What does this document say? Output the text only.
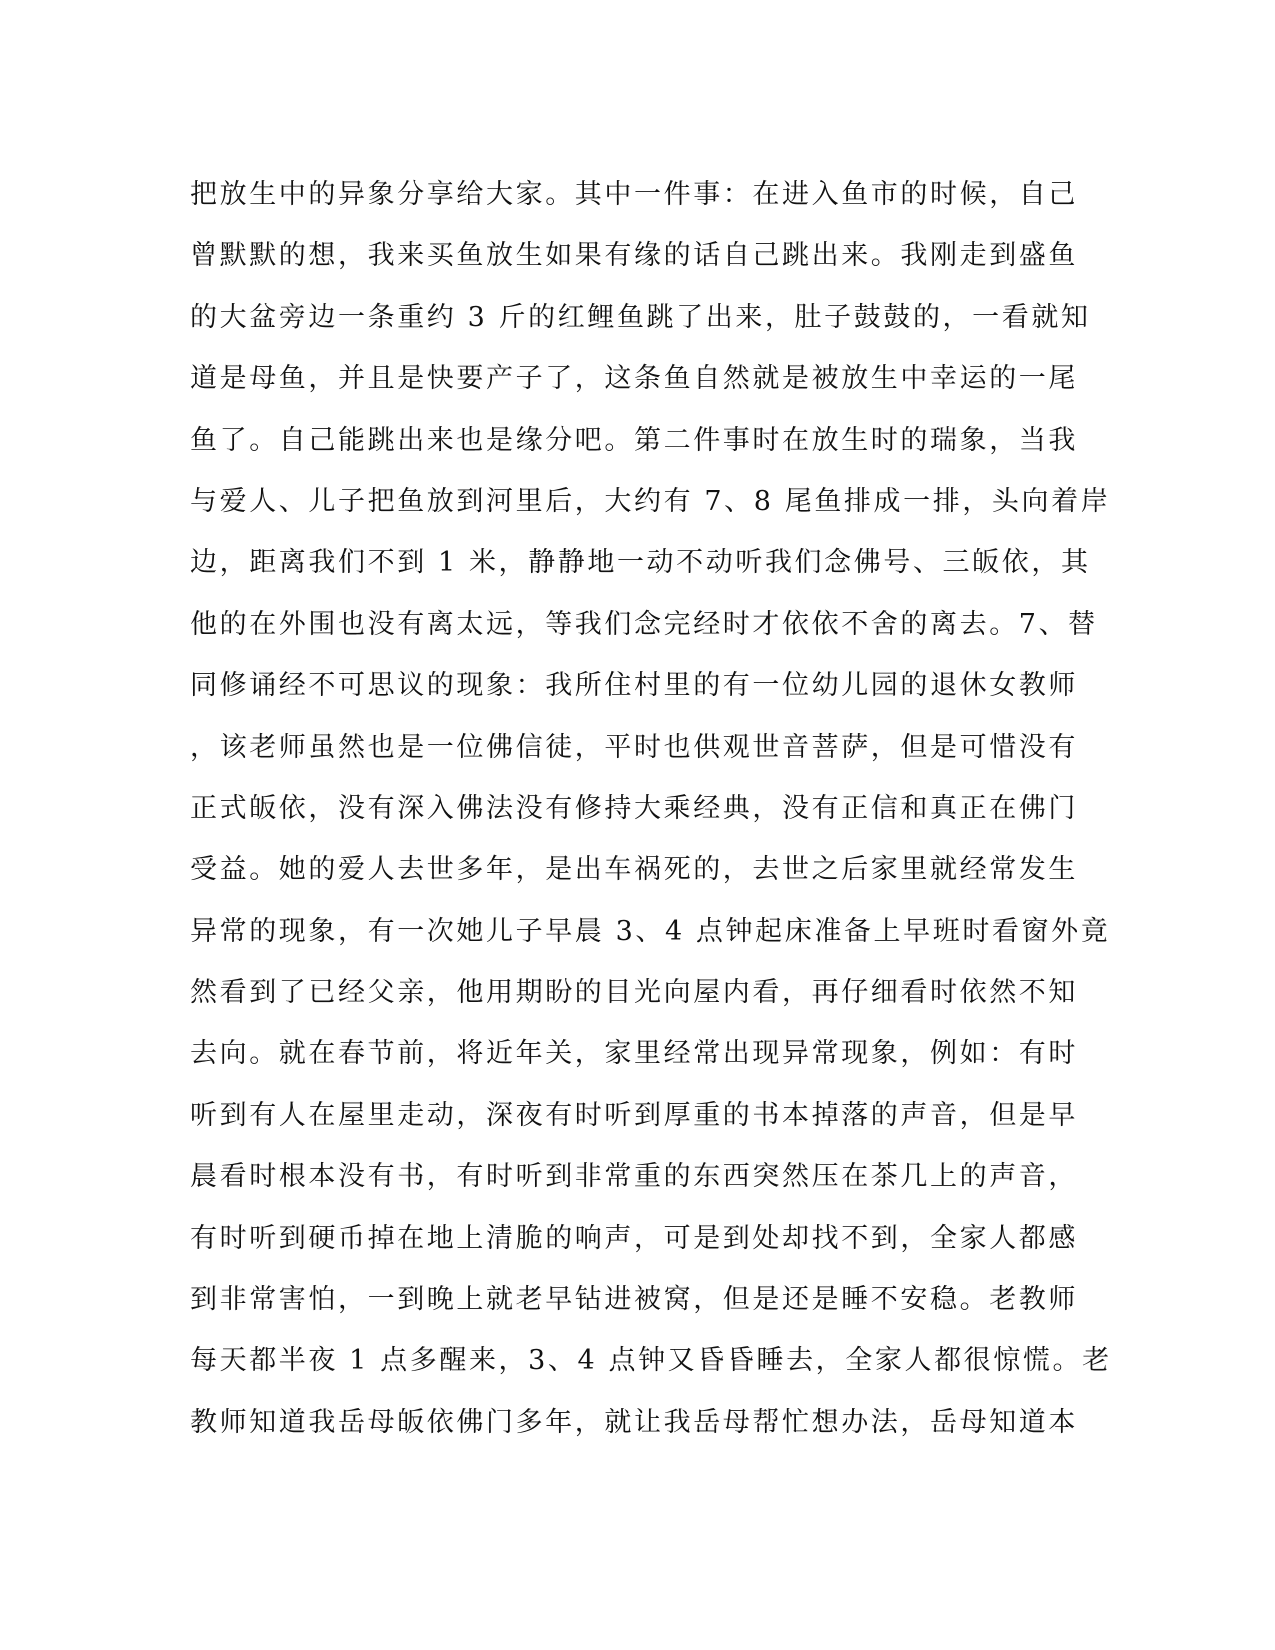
把放生中的异象分享给大家。其中一件事：在进入鱼市的时候，自己
曾默默的想，我来买鱼放生如果有缘的话自己跳出来。我刚走到盛鱼
的大盆旁边一条重约 3 斤的红鲤鱼跳了出来，肚子鼓鼓的，一看就知
道是母鱼，并且是快要产子了，这条鱼自然就是被放生中幸运的一尾
鱼了。自己能跳出来也是缘分吧。第二件事时在放生时的瑞象，当我
与爱人、儿子把鱼放到河里后，大约有 7、8 尾鱼排成一排，头向着岸
边，距离我们不到 1 米，静静地一动不动听我们念佛号、三皈依，其
他的在外围也没有离太远，等我们念完经时才依依不舍的离去。7、替
同修诵经不可思议的现象：我所住村里的有一位幼儿园的退休女教师
，该老师虽然也是一位佛信徒，平时也供观世音菩萨，但是可惜没有
正式皈依，没有深入佛法没有修持大乘经典，没有正信和真正在佛门
受益。她的爱人去世多年，是出车祸死的，去世之后家里就经常发生
异常的现象，有一次她儿子早晨 3、4 点钟起床准备上早班时看窗外竟
然看到了已经父亲，他用期盼的目光向屋内看，再仔细看时依然不知
去向。就在春节前，将近年关，家里经常出现异常现象，例如：有时
听到有人在屋里走动，深夜有时听到厚重的书本掉落的声音，但是早
晨看时根本没有书，有时听到非常重的东西突然压在茶几上的声音，
有时听到硬币掉在地上清脆的响声，可是到处却找不到，全家人都感
到非常害怕，一到晚上就老早钻进被窝，但是还是睡不安稳。老教师
每天都半夜 1 点多醒来，3、4 点钟又昏昏睡去，全家人都很惊慌。老
教师知道我岳母皈依佛门多年，就让我岳母帮忙想办法，岳母知道本
